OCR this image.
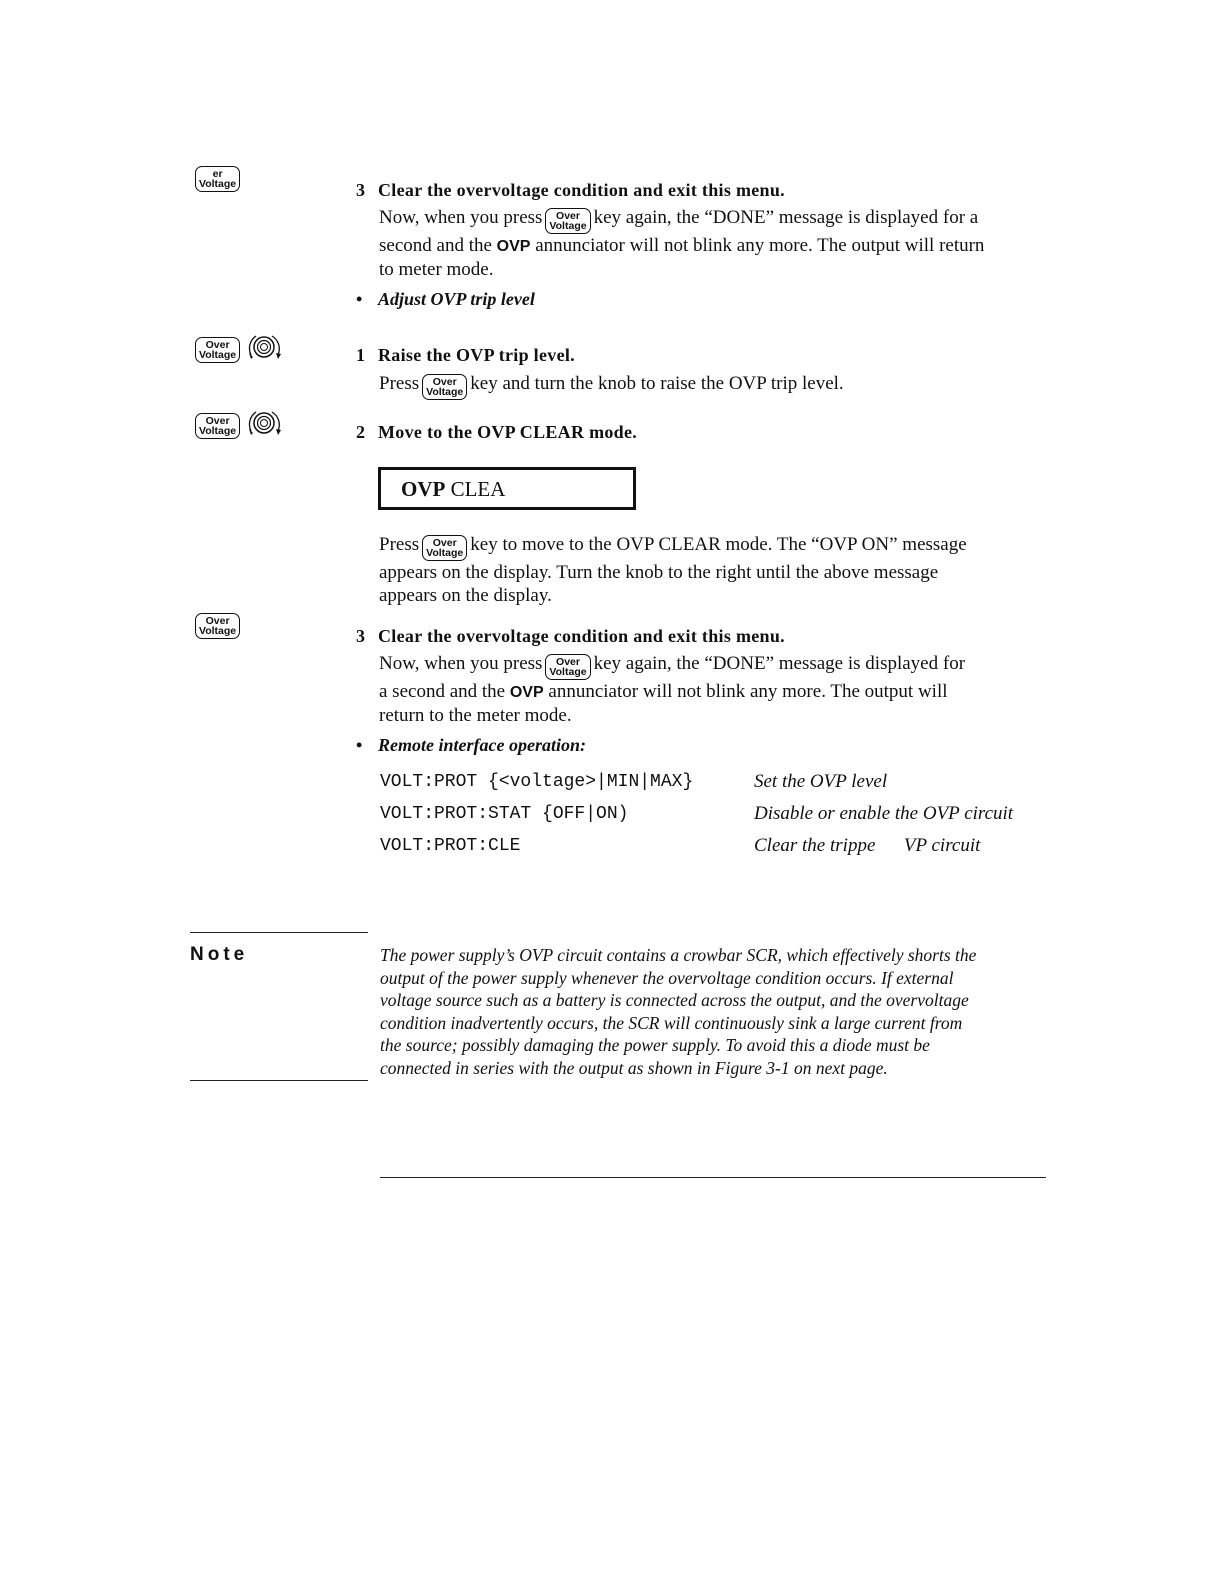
er
Voltage
Over
Voltage

Over
Voltage

Over
Voltage
3 Clear the overvoltage condition and exit this menu.
Now, when you press	Over
Voltage key again, the “DONE” message is displayed for a
second and the OVP annunciator will not blink any more. The output will return
to meter mode.
• Adjust OVP trip level
1 Raise the OVP trip level.
Press	Over
Voltage key and turn the knob to raise the OVP trip level.
2 Move to the OVP CLEAR mode.
OVP CLEA
Press	Over
Voltage key to move to the OVP CLEAR mode. The “OVP ON” message
appears on the display. Turn the knob to the right until the above message
appears on the display.
3 Clear the overvoltage condition and exit this menu.
Now, when you press	Over
Voltage key again, the “DONE” message is displayed for
a second and the OVP annunciator will not blink any more. The output will
return to the meter mode.
• Remote interface operation:
VOLT:PROT {<voltage>|MIN|MAX}	Set the OVP level
VOLT:PROT:STAT {OFF|ON)	Disable or enable the OVP circuit
VOLT:PROT:CLE	Clear the trippe      VP circuit
Note	The power supply’s OVP circuit contains a crowbar SCR, which effectively shorts the
output of the power supply whenever the overvoltage condition occurs. If external
voltage source such as a battery is connected across the output, and the overvoltage
condition inadvertently occurs, the SCR will continuously sink a large current from
the source; possibly damaging the power supply. To avoid this a diode must be
connected in series with the output as shown in Figure 3-1 on next page.
